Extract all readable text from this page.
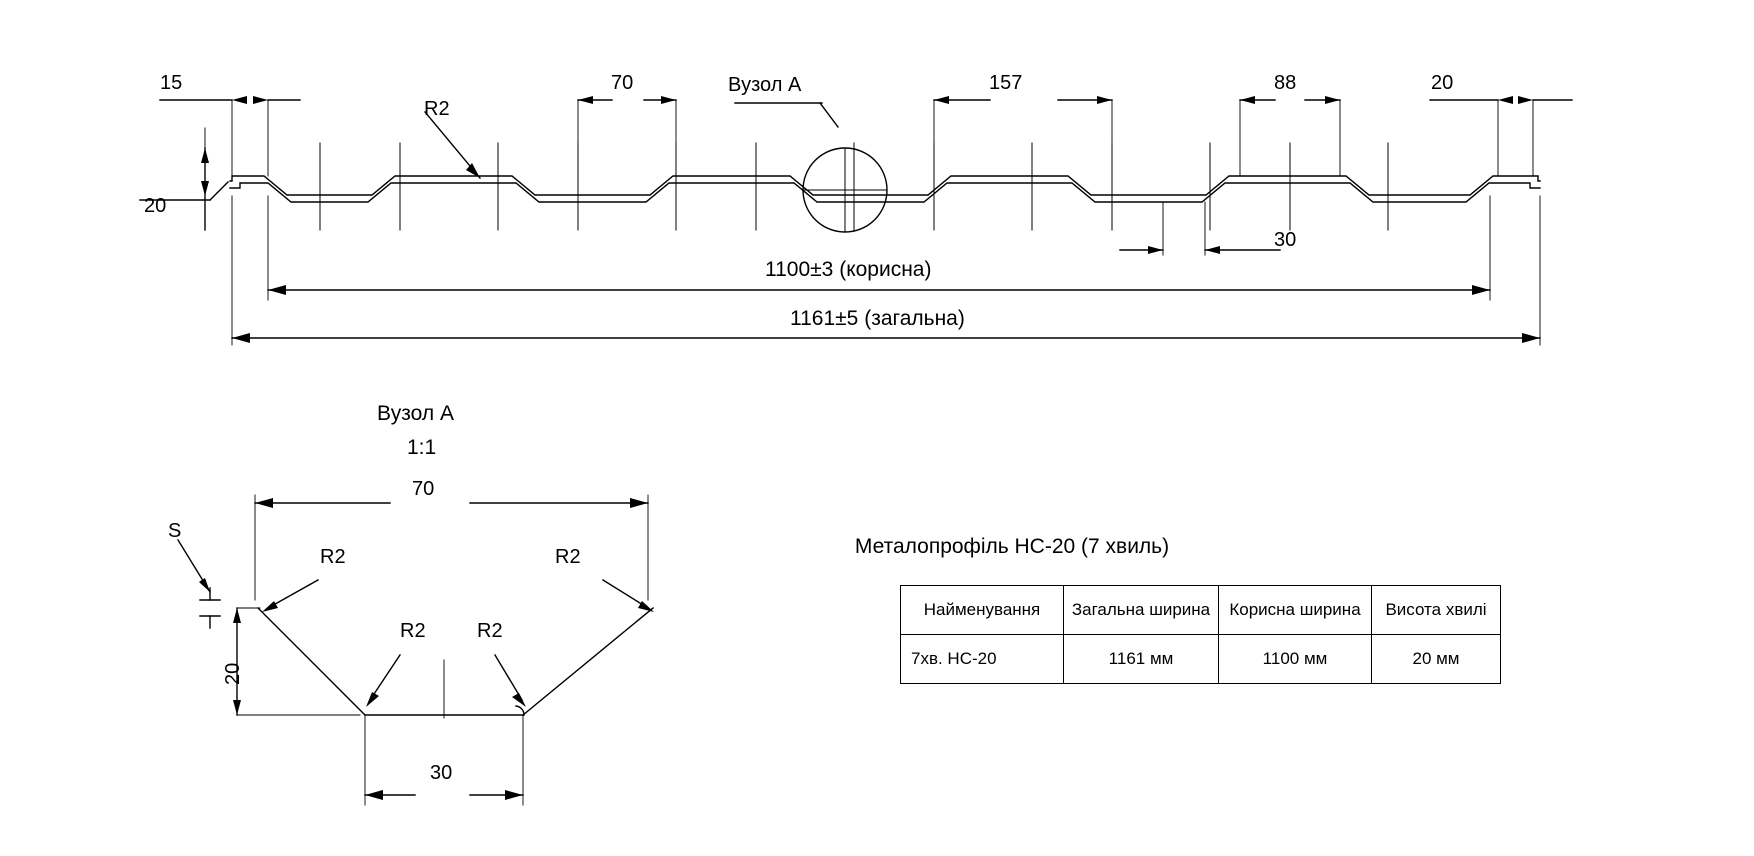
15
20
R2
70	Вузол А	157	88	20
30
1100±3 (корисна)
1161±5 (загальна)
Вузол А
1:1
70
S
20
30
R2	R2
R2	R2
Металопрофіль НС-20 (7 хвиль)
Найменування	Загальна ширина	Корисна ширина	Висота хвилі
7хв. НС-20	1161 мм	1100 мм	20 мм
